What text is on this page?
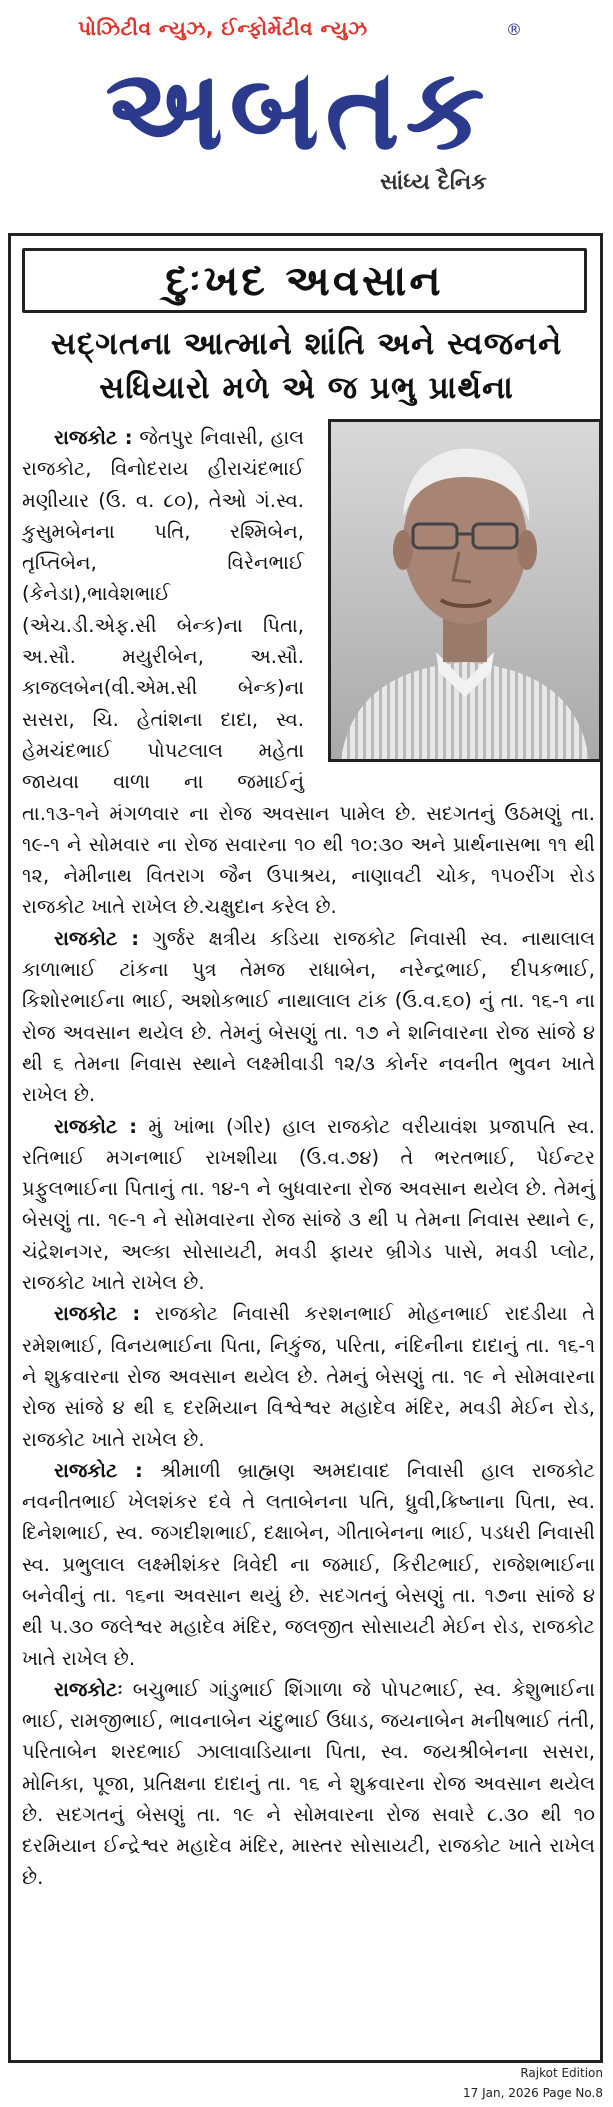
પોઝિટીવ ન્યુઝ, ઈન્ફોર્મેટીવ ન્યુઝ
અબતક
®
સાંધ્ય દૈનિક
દુઃખદ અવસાન
સદ્ગતના આત્માને શાંતિ અને સ્વજનને
સધિયારો મળે એ જ પ્રભુ પ્રાર્થના

રાજકોટ : જેતપુર નિવાસી, હાલ રાજકોટ, વિનોદરાય હીરાચંદભાઈ મણીયાર (ઉ. વ. ૮૦), તેઓ ગં.સ્વ. કુસુમબેનના પતિ, રશ્મિબેન, તૃપ્તિબેન, વિરેનભાઈ (કેનેડા),ભાવેશભાઈ (એચ.ડી.એફ.સી બેન્ક)ના પિતા, અ.સૌ. મયુરીબેન, અ.સૌ. કાજલબેન(વી.એમ.સી બેન્ક)ના સસરા, ચિ. હેતાંશના દાદા, સ્વ. હેમચંદભાઈ પોપટલાલ મહેતા જાયવા વાળા ના જમાઈનું તા.૧૩-૧ને મંગળવાર ના રોજ અવસાન પામેલ છે. સદગતનું ઉઠમણું તા. ૧૯-૧ ને સોમવાર ના રોજ સવારના ૧૦ થી ૧૦:૩૦ અને પ્રાર્થનાસભા ૧૧ થી ૧૨, નેમીનાથ વિતરાગ જૈન ઉપાશ્રય, નાણાવટી ચોક, ૧૫૦રીંગ રોડ રાજકોટ ખાતે રાખેલ છે.ચક્ષુદાન કરેલ છે.

રાજકોટ : ગુર્જર ક્ષત્રીય કડિયા રાજકોટ નિવાસી સ્વ. નાથાલાલ કાળાભાઈ ટાંકના પુત્ર તેમજ રાધાબેન, નરેન્દ્રભાઈ, દીપકભાઈ, કિશોરભાઈના ભાઈ, અશોકભાઈ નાથાલાલ ટાંક (ઉ.વ.૬૦) નું તા. ૧૬-૧ ના રોજ અવસાન થયેલ છે. તેમનું બેસણું તા. ૧૭ ને શનિવારના રોજ સાંજે ૪ થી ૬ તેમના નિવાસ સ્થાને લક્ષ્મીવાડી ૧૨/૩ કોર્નર નવનીત ભુવન ખાતે રાખેલ છે.

રાજકોટ : મું ખાંભા (ગીર) હાલ રાજકોટ વરીયાવંશ પ્રજાપતિ સ્વ. રતિભાઈ મગનભાઈ રાખશીયા (ઉ.વ.૭૪) તે ભરતભાઈ, પેઈન્ટર પ્રફુલભાઈના પિતાનું તા. ૧૪-૧ ને બુધવારના રોજ અવસાન થયેલ છે. તેમનું બેસણું તા. ૧૯-૧ ને સોમવારના રોજ સાંજે ૩ થી ૫ તેમના નિવાસ સ્થાને ૯, ચંદ્રેશનગર, અલ્કા સોસાયટી, મવડી ફાયર બ્રીગેડ પાસે, મવડી પ્લોટ, રાજકોટ ખાતે રાખેલ છે.

રાજકોટ : રાજકોટ નિવાસી કરશનભાઈ મોહનભાઈ રાદડીયા તે રમેશભાઈ, વિનયભાઈના પિતા, નિકુંજ, પરિતા, નંદિનીના દાદાનું તા. ૧૬-૧ ને શુક્રવારના રોજ અવસાન થયેલ છે. તેમનું બેસણું તા. ૧૯ ને સોમવારના રોજ સાંજે ૪ થી ૬ દરમિયાન વિશ્વેશ્વર મહાદેવ મંદિર, મવડી મેઈન રોડ, રાજકોટ ખાતે રાખેલ છે.

રાજકોટ : શ્રીમાળી બ્રાહ્મણ અમદાવાદ નિવાસી હાલ રાજકોટ નવનીતભાઈ ખેલશંકર દવે તે લતાબેનના પતિ, ધ્રુવી,ક્રિષ્નાના પિતા, સ્વ. દિનેશભાઈ, સ્વ. જગદીશભાઈ, દક્ષાબેન, ગીતાબેનના ભાઈ, પડધરી નિવાસી સ્વ. પ્રભુલાલ લક્ષ્મીશંકર ત્રિવેદી ના જમાઈ, કિરીટભાઈ, રાજેશભાઈના બનેવીનું તા. ૧૬ના અવસાન થયું છે. સદગતનું બેસણું તા. ૧૭ના સાંજે ૪ થી ૫.૩૦ જલેશ્વર મહાદેવ મંદિર, જલજીત સોસાયટી મેઈન રોડ, રાજકોટ ખાતે રાખેલ છે.

રાજકોટઃ બચુભાઈ ગાંડુભાઈ શિંગાળા જે પોપટભાઈ, સ્વ. કેશુભાઈના ભાઈ, રામજીભાઈ, ભાવનાબેન ચંદુભાઈ ઉધાડ, જયનાબેન મનીષભાઈ તંતી, પરિતાબેન શરદભાઈ ઝાલાવાડિયાના પિતા, સ્વ. જયશ્રીબેનના સસરા, મોનિકા, પૂજા, પ્રતિક્ષના દાદાનું તા. ૧૬ ને શુક્રવારના રોજ અવસાન થયેલ છે. સદગતનું બેસણું તા. ૧૯ ને સોમવારના રોજ સવારે ૮.૩૦ થી ૧૦ દરમિયાન ઈન્દ્રેશ્વર મહાદેવ મંદિર, માસ્તર સોસાયટી, રાજકોટ ખાતે રાખેલ છે.

Rajkot Edition
17 Jan, 2026 Page No.8
